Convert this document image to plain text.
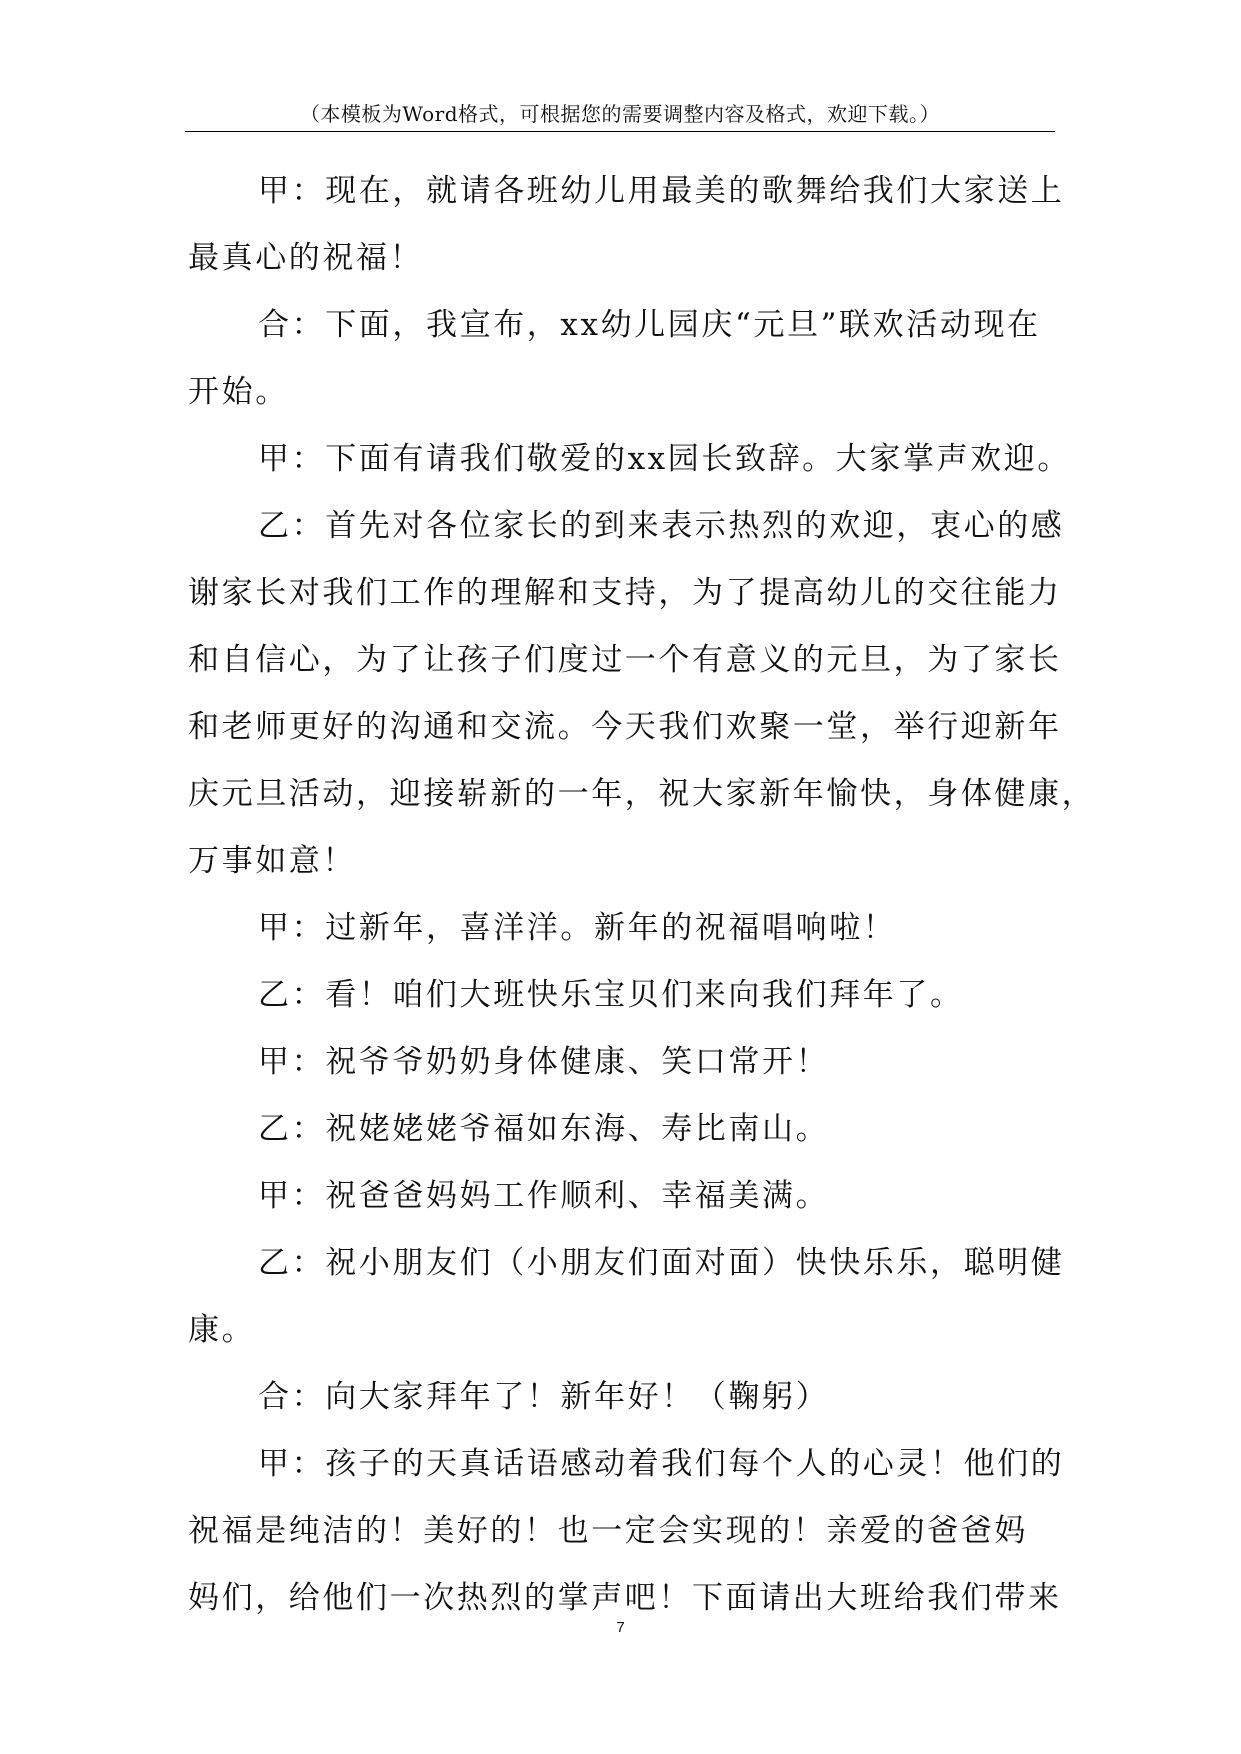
（本模板为Word格式，可根据您的需要调整内容及格式，欢迎下载。）
甲：现在，就请各班幼儿用最美的歌舞给我们大家送上
最真心的祝福！
合：下面，我宣布，xx幼儿园庆“元旦”联欢活动现在
开始。
甲：下面有请我们敬爱的xx园长致辞。大家掌声欢迎。
乙：首先对各位家长的到来表示热烈的欢迎，衷心的感
谢家长对我们工作的理解和支持，为了提高幼儿的交往能力
和自信心，为了让孩子们度过一个有意义的元旦，为了家长
和老师更好的沟通和交流。今天我们欢聚一堂，举行迎新年
庆元旦活动，迎接崭新的一年，祝大家新年愉快，身体健康，
万事如意！
甲：过新年，喜洋洋。新年的祝福唱响啦！
乙：看！咱们大班快乐宝贝们来向我们拜年了。
甲：祝爷爷奶奶身体健康、笑口常开！
乙：祝姥姥姥爷福如东海、寿比南山。
甲：祝爸爸妈妈工作顺利、幸福美满。
乙：祝小朋友们（小朋友们面对面）快快乐乐，聪明健
康。
合：向大家拜年了！新年好！（鞠躬）
甲：孩子的天真话语感动着我们每个人的心灵！他们的
祝福是纯洁的！美好的！也一定会实现的！亲爱的爸爸妈
妈们，给他们一次热烈的掌声吧！下面请出大班给我们带来
7
